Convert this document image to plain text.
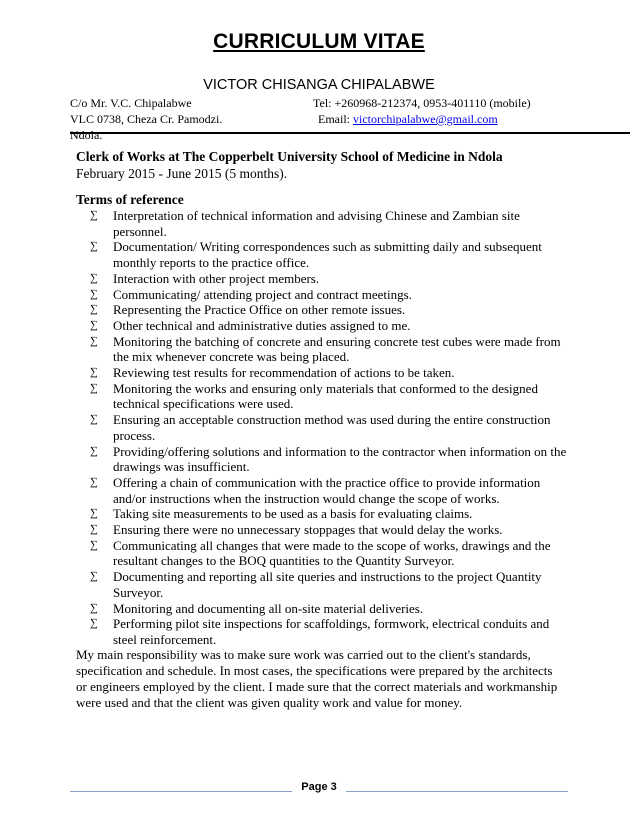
CURRICULUM VITAE
VICTOR CHISANGA CHIPALABWE
C/o Mr. V.C. Chipalabwe
VLC 0738, Cheza Cr. Pamodzi.
Ndola.
Tel: +260968-212374, 0953-401110 (mobile)
Email: victorchipalabwe@gmail.com
Clerk of Works at The Copperbelt University School of Medicine in Ndola
February 2015 - June 2015 (5 months).
Terms of reference
∑ Interpretation of technical information and advising Chinese and Zambian site personnel.
∑ Documentation/ Writing correspondences such as submitting daily and subsequent monthly reports to the practice office.
∑ Interaction with other project members.
∑ Communicating/ attending project and contract meetings.
∑ Representing the Practice Office on other remote issues.
∑ Other technical and administrative duties assigned to me.
∑ Monitoring the batching of concrete and ensuring concrete test cubes were made from the mix whenever concrete was being placed.
∑ Reviewing test results for recommendation of actions to be taken.
∑ Monitoring the works and ensuring only materials that conformed to the designed technical specifications were used.
∑ Ensuring an acceptable construction method was used during the entire construction process.
∑ Providing/offering solutions and information to the contractor when information on the drawings was insufficient.
∑ Offering a chain of communication with the practice office to provide information and/or instructions when the instruction would change the scope of works.
∑ Taking site measurements to be used as a basis for evaluating claims.
∑ Ensuring there were no unnecessary stoppages that would delay the works.
∑ Communicating all changes that were made to the scope of works, drawings and the resultant changes to the BOQ quantities to the Quantity Surveyor.
∑ Documenting and reporting all site queries and instructions to the project Quantity Surveyor.
∑ Monitoring and documenting all on-site material deliveries.
∑ Performing pilot site inspections for scaffoldings, formwork, electrical conduits and steel reinforcement.

My main responsibility was to make sure work was carried out to the client's standards, specification and schedule. In most cases, the specifications were prepared by the architects or engineers employed by the client. I made sure that the correct materials and workmanship were used and that the client was given quality work and value for money.

Page 3
